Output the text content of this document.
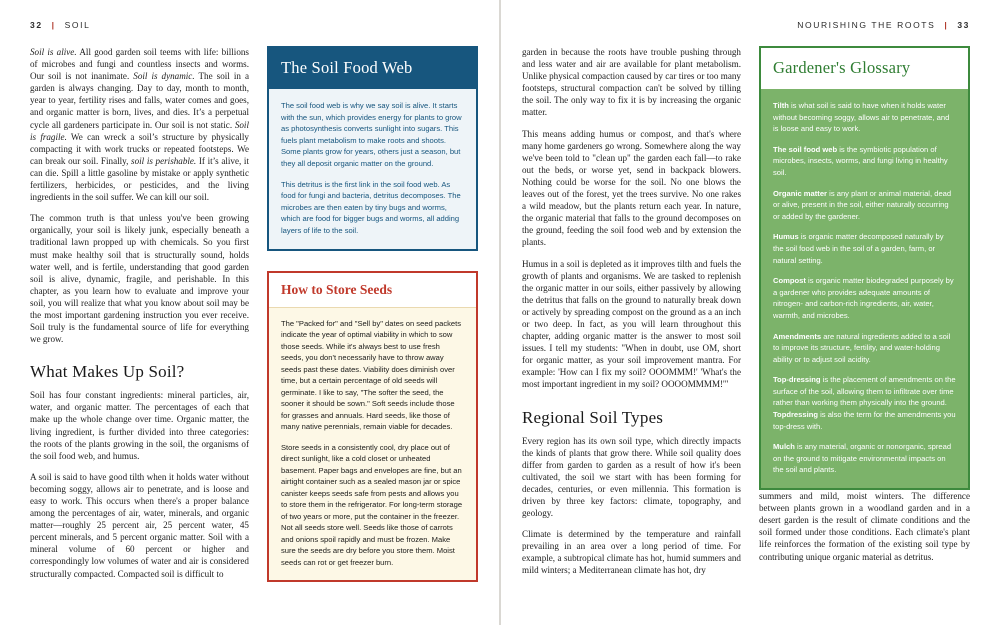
32 | SOIL

Soil is alive. All good garden soil teems with life: billions of microbes and fungi and countless insects and worms. Our soil is not inanimate. Soil is dynamic. The soil in a garden is always changing. Day to day, month to month, year to year, fertility rises and falls, water comes and goes, and organic matter is born, lives, and dies. It’s a perpetual cycle all gardeners participate in. Our soil is not static. Soil is fragile. We can wreck a soil’s structure by physically compacting it with work trucks or repeated footsteps. We can break our soil. Finally, soil is perishable. If it’s alive, it can die. Spill a little gasoline by mistake or apply synthetic fertilizers, herbicides, or pesticides, and the living ingredients in the soil suffer. We can kill our soil.

The common truth is that unless you've been growing organically, your soil is likely junk, especially beneath a traditional lawn propped up with chemicals. So you first must make healthy soil that is structurally sound, holds water well, and is fertile, understanding that good garden soil is alive, dynamic, fragile, and perishable. In this chapter, as you learn how to evaluate and improve your soil, you will realize that what you know about soil may be the most important gardening instruction you ever receive. Soil truly is the fundamental source of life for everything we grow.

What Makes Up Soil?

Soil has four constant ingredients: mineral particles, air, water, and organic matter. The percentages of each that make up the whole change over time. Organic matter, the living ingredient, is further divided into three categories: the roots of the plants growing in the soil, the organisms of the soil food web, and humus.

A soil is said to have good tilth when it holds water without becoming soggy, allows air to penetrate, and is loose and easy to work. This occurs when there's a proper balance among the percentages of air, water, minerals, and organic matter—roughly 25 percent air, 25 percent water, 45 percent minerals, and 5 percent organic matter. Soil with a mineral volume of 60 percent or higher and correspondingly low volumes of water and air is considered structurally compacted. Compacted soil is difficult to

The Soil Food Web

The soil food web is why we say soil is alive. It starts with the sun, which provides energy for plants to grow as photosynthesis converts sunlight into sugars. This fuels plant metabolism to make roots and shoots. Some plants grow for years, others just a season, but they all deposit organic matter on the ground.

This detritus is the first link in the soil food web. As food for fungi and bacteria, detritus decomposes. The microbes are then eaten by tiny bugs and worms, which are food for bigger bugs and worms, all adding layers of life to the soil.

How to Store Seeds

The "Packed for" and "Sell by" dates on seed packets indicate the year of optimal viability in which to sow those seeds. While it's always best to use fresh seeds, you don't necessarily have to throw away seeds past these dates. Viability does diminish over time, but a certain percentage of old seeds will germinate. I like to say, "The softer the seed, the sooner it should be sown." Soft seeds include those for grasses and annuals. Hard seeds, like those of many native perennials, remain viable for decades.

Store seeds in a consistently cool, dry place out of direct sunlight, like a cold closet or unheated basement. Paper bags and envelopes are fine, but an airtight container such as a sealed mason jar or spice canister keeps seeds safe from pests and allows you to store them in the refrigerator. For long-term storage of two years or more, put the container in the freezer. Not all seeds store well. Seeds like those of carrots and onions spoil rapidly and must be frozen. Make sure the seeds are dry before you store them. Moist seeds can rot or get freezer burn.

NOURISHING THE ROOTS | 33

garden in because the roots have trouble pushing through and less water and air are available for plant metabolism. Unlike physical compaction caused by car tires or too many footsteps, structural compaction can't be solved by tilling the soil. The only way to fix it is by increasing the organic matter.

This means adding humus or compost, and that's where many home gardeners go wrong. Somewhere along the way we've been told to "clean up" the garden each fall—to rake out the beds, or worse yet, send in backpack blowers. Nothing could be worse for the soil. No one blows the leaves out of the forest, yet the trees survive. No one rakes a wild meadow, but the plants return each year. In nature, the organic material that falls to the ground decomposes on the ground, feeding the soil food web and by extension the plants.

Humus in a soil is depleted as it improves tilth and fuels the growth of plants and organisms. We are tasked to replenish the organic matter in our soils, either passively by allowing the detritus that falls on the ground to naturally break down or actively by spreading compost on the ground as a an inch or two deep. In fact, as you will learn throughout this chapter, adding organic matter is the answer to most soil issues. I tell my students: "When in doubt, use OM, short for organic matter, as your soil improvement mantra. For example: 'How can I fix my soil? OOOMMM!' 'What's the most important ingredient in my soil? OOOOMMMM!'"

Regional Soil Types

Every region has its own soil type, which directly impacts the kinds of plants that grow there. While soil quality does differ from garden to garden as a result of how it's been cultivated, the soil we start with has been forming for decades, centuries, or even millennia. This formation is driven by three key factors: climate, topography, and geology.

Climate is determined by the temperature and rainfall prevailing in an area over a long period of time. For example, a subtropical climate has hot, humid summers and mild winters; a Mediterranean climate has hot, dry

Gardener's Glossary

Tilth is what soil is said to have when it holds water without becoming soggy, allows air to penetrate, and is loose and easy to work.

The soil food web is the symbiotic population of microbes, insects, worms, and fungi living in healthy soil.

Organic matter is any plant or animal material, dead or alive, present in the soil, either naturally occurring or added by the gardener.

Humus is organic matter decomposed naturally by the soil food web in the soil of a garden, farm, or natural setting.

Compost is organic matter biodegraded purposely by a gardener who provides adequate amounts of nitrogen- and carbon-rich ingredients, air, water, warmth, and microbes.

Amendments are natural ingredients added to a soil to improve its structure, fertility, and water-holding ability or to adjust soil acidity.

Top-dressing is the placement of amendments on the surface of the soil, allowing them to infiltrate over time rather than working them physically into the ground. Topdressing is also the term for the amendments you top-dress with.

Mulch is any material, organic or nonorganic, spread on the ground to mitigate environmental impacts on the soil and plants.

summers and mild, moist winters. The difference between plants grown in a woodland garden and in a desert garden is the result of climate conditions and the soil formed under those conditions. Each climate's plant life reinforces the formation of the existing soil type by contributing unique organic material as detritus.
